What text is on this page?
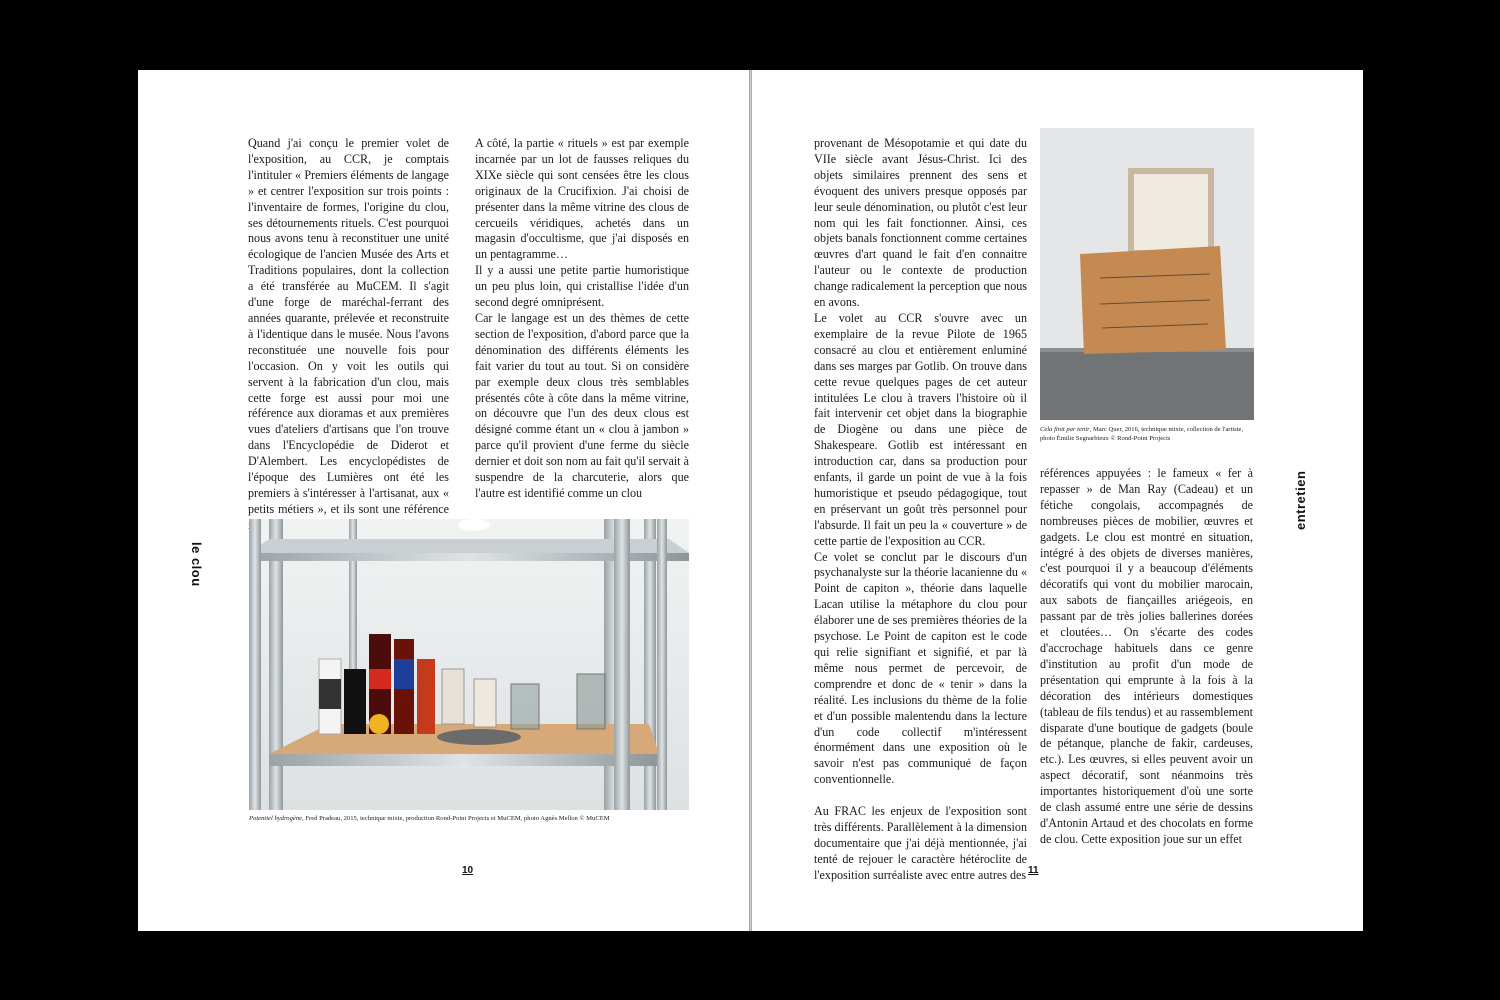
le clou

Quand j'ai conçu le premier volet de l'exposition, au CCR, je comptais l'intituler « Premiers éléments de langage » et centrer l'exposition sur trois points : l'inventaire de formes, l'origine du clou, ses détournements rituels. C'est pourquoi nous avons tenu à reconstituer une unité écologique de l'ancien Musée des Arts et Traditions populaires, dont la collection a été transférée au MuCEM. Il s'agit d'une forge de maréchal-ferrant des années quarante, prélevée et reconstruite à l'identique dans le musée. Nous l'avons reconstituée une nouvelle fois pour l'occasion. On y voit les outils qui servent à la fabrication d'un clou, mais cette forge est aussi pour moi une référence aux dioramas et aux premières vues d'ateliers d'artisans que l'on trouve dans l'Encyclopédie de Diderot et D'Alembert. Les encyclopédistes de l'époque des Lumières ont été les premiers à s'intéresser à l'artisanat, aux « petits métiers », et ils sont une référence

A côté, la partie « rituels » est par exemple incarnée par un lot de fausses reliques du XIXe siècle qui sont censées être les clous originaux de la Crucifixion. J'ai choisi de présenter dans la même vitrine des clous de cercueils véridiques, achetés dans un magasin d'occultisme, que j'ai disposés en un pentagramme…

Il y a aussi une petite partie humoristique un peu plus loin, qui cristallise l'idée d'un second degré omniprésent.

Car le langage est un des thèmes de cette section de l'exposition, d'abord parce que la dénomination des différents éléments les fait varier du tout au tout. Si on considère par exemple deux clous très semblables présentés côte à côte dans la même vitrine, on découvre que l'un des deux clous est désigné comme étant un « clou à jambon » parce qu'il provient d'une ferme du siècle dernier et doit son nom au fait qu'il servait à suspendre de la charcuterie, alors que l'autre est identifié comme un clou

Potentiel hydrogène, Fred Pradeau, 2015, technique mixte, production Rond-Point Projects et MuCEM, photo Agnès Mellon © MuCEM
10

provenant de Mésopotamie et qui date du VIIe siècle avant Jésus-Christ. Ici des objets similaires prennent des sens et évoquent des univers presque opposés par leur seule dénomination, ou plutôt c'est leur nom qui les fait fonctionner. Ainsi, ces objets banals fonctionnent comme certaines œuvres d'art quand le fait d'en connaitre l'auteur ou le contexte de production change radicalement la perception que nous en avons.

Le volet au CCR s'ouvre avec un exemplaire de la revue Pilote de 1965 consacré au clou et entièrement enluminé dans ses marges par Gotlib. On trouve dans cette revue quelques pages de cet auteur intitulées Le clou à travers l'histoire où il fait intervenir cet objet dans la biographie de Diogène ou dans une pièce de Shakespeare. Gotlib est intéressant en introduction car, dans sa production pour enfants, il garde un point de vue à la fois humoristique et pseudo pédagogique, tout en préservant un goût très personnel pour l'absurde. Il fait un peu la « couverture » de cette partie de l'exposition au CCR.

Ce volet se conclut par le discours d'un psychanalyste sur la théorie lacanienne du « Point de capiton », théorie dans laquelle Lacan utilise la métaphore du clou pour élaborer une de ses premières théories de la psychose. Le Point de capiton est le code qui relie signifiant et signifié, et par là même nous permet de percevoir, de comprendre et donc de « tenir » dans la réalité. Les inclusions du thème de la folie et d'un possible malentendu dans la lecture d'un code collectif m'intéressent énormément dans une exposition où le savoir n'est pas communiqué de façon conventionnelle.

Au FRAC les enjeux de l'exposition sont très différents. Parallèlement à la dimension documentaire que j'ai déjà mentionnée, j'ai tenté de rejouer le caractère hétéroclite de l'exposition surréaliste avec entre autres des

Cela finit par tenir, Marc Quer, 2016, technique mixte, collection de l'artiste, photo Émilie Segnarbieux © Rond-Point Projects

références appuyées : le fameux « fer à repasser » de Man Ray (Cadeau) et un fétiche congolais, accompagnés de nombreuses pièces de mobilier, œuvres et gadgets. Le clou est montré en situation, intégré à des objets de diverses manières, c'est pourquoi il y a beaucoup d'éléments décoratifs qui vont du mobilier marocain, aux sabots de fiançailles ariégeois, en passant par de très jolies ballerines dorées et cloutées… On s'écarte des codes d'accrochage habituels dans ce genre d'institution au profit d'un mode de présentation qui emprunte à la fois à la décoration des intérieurs domestiques (tableau de fils tendus) et au rassemblement disparate d'une boutique de gadgets (boule de pétanque, planche de fakir, cardeuses, etc.). Les œuvres, si elles peuvent avoir un aspect décoratif, sont néanmoins très importantes historiquement d'où une sorte de clash assumé entre une série de dessins d'Antonin Artaud et des chocolats en forme de clou. Cette exposition joue sur un effet

entretien
11
